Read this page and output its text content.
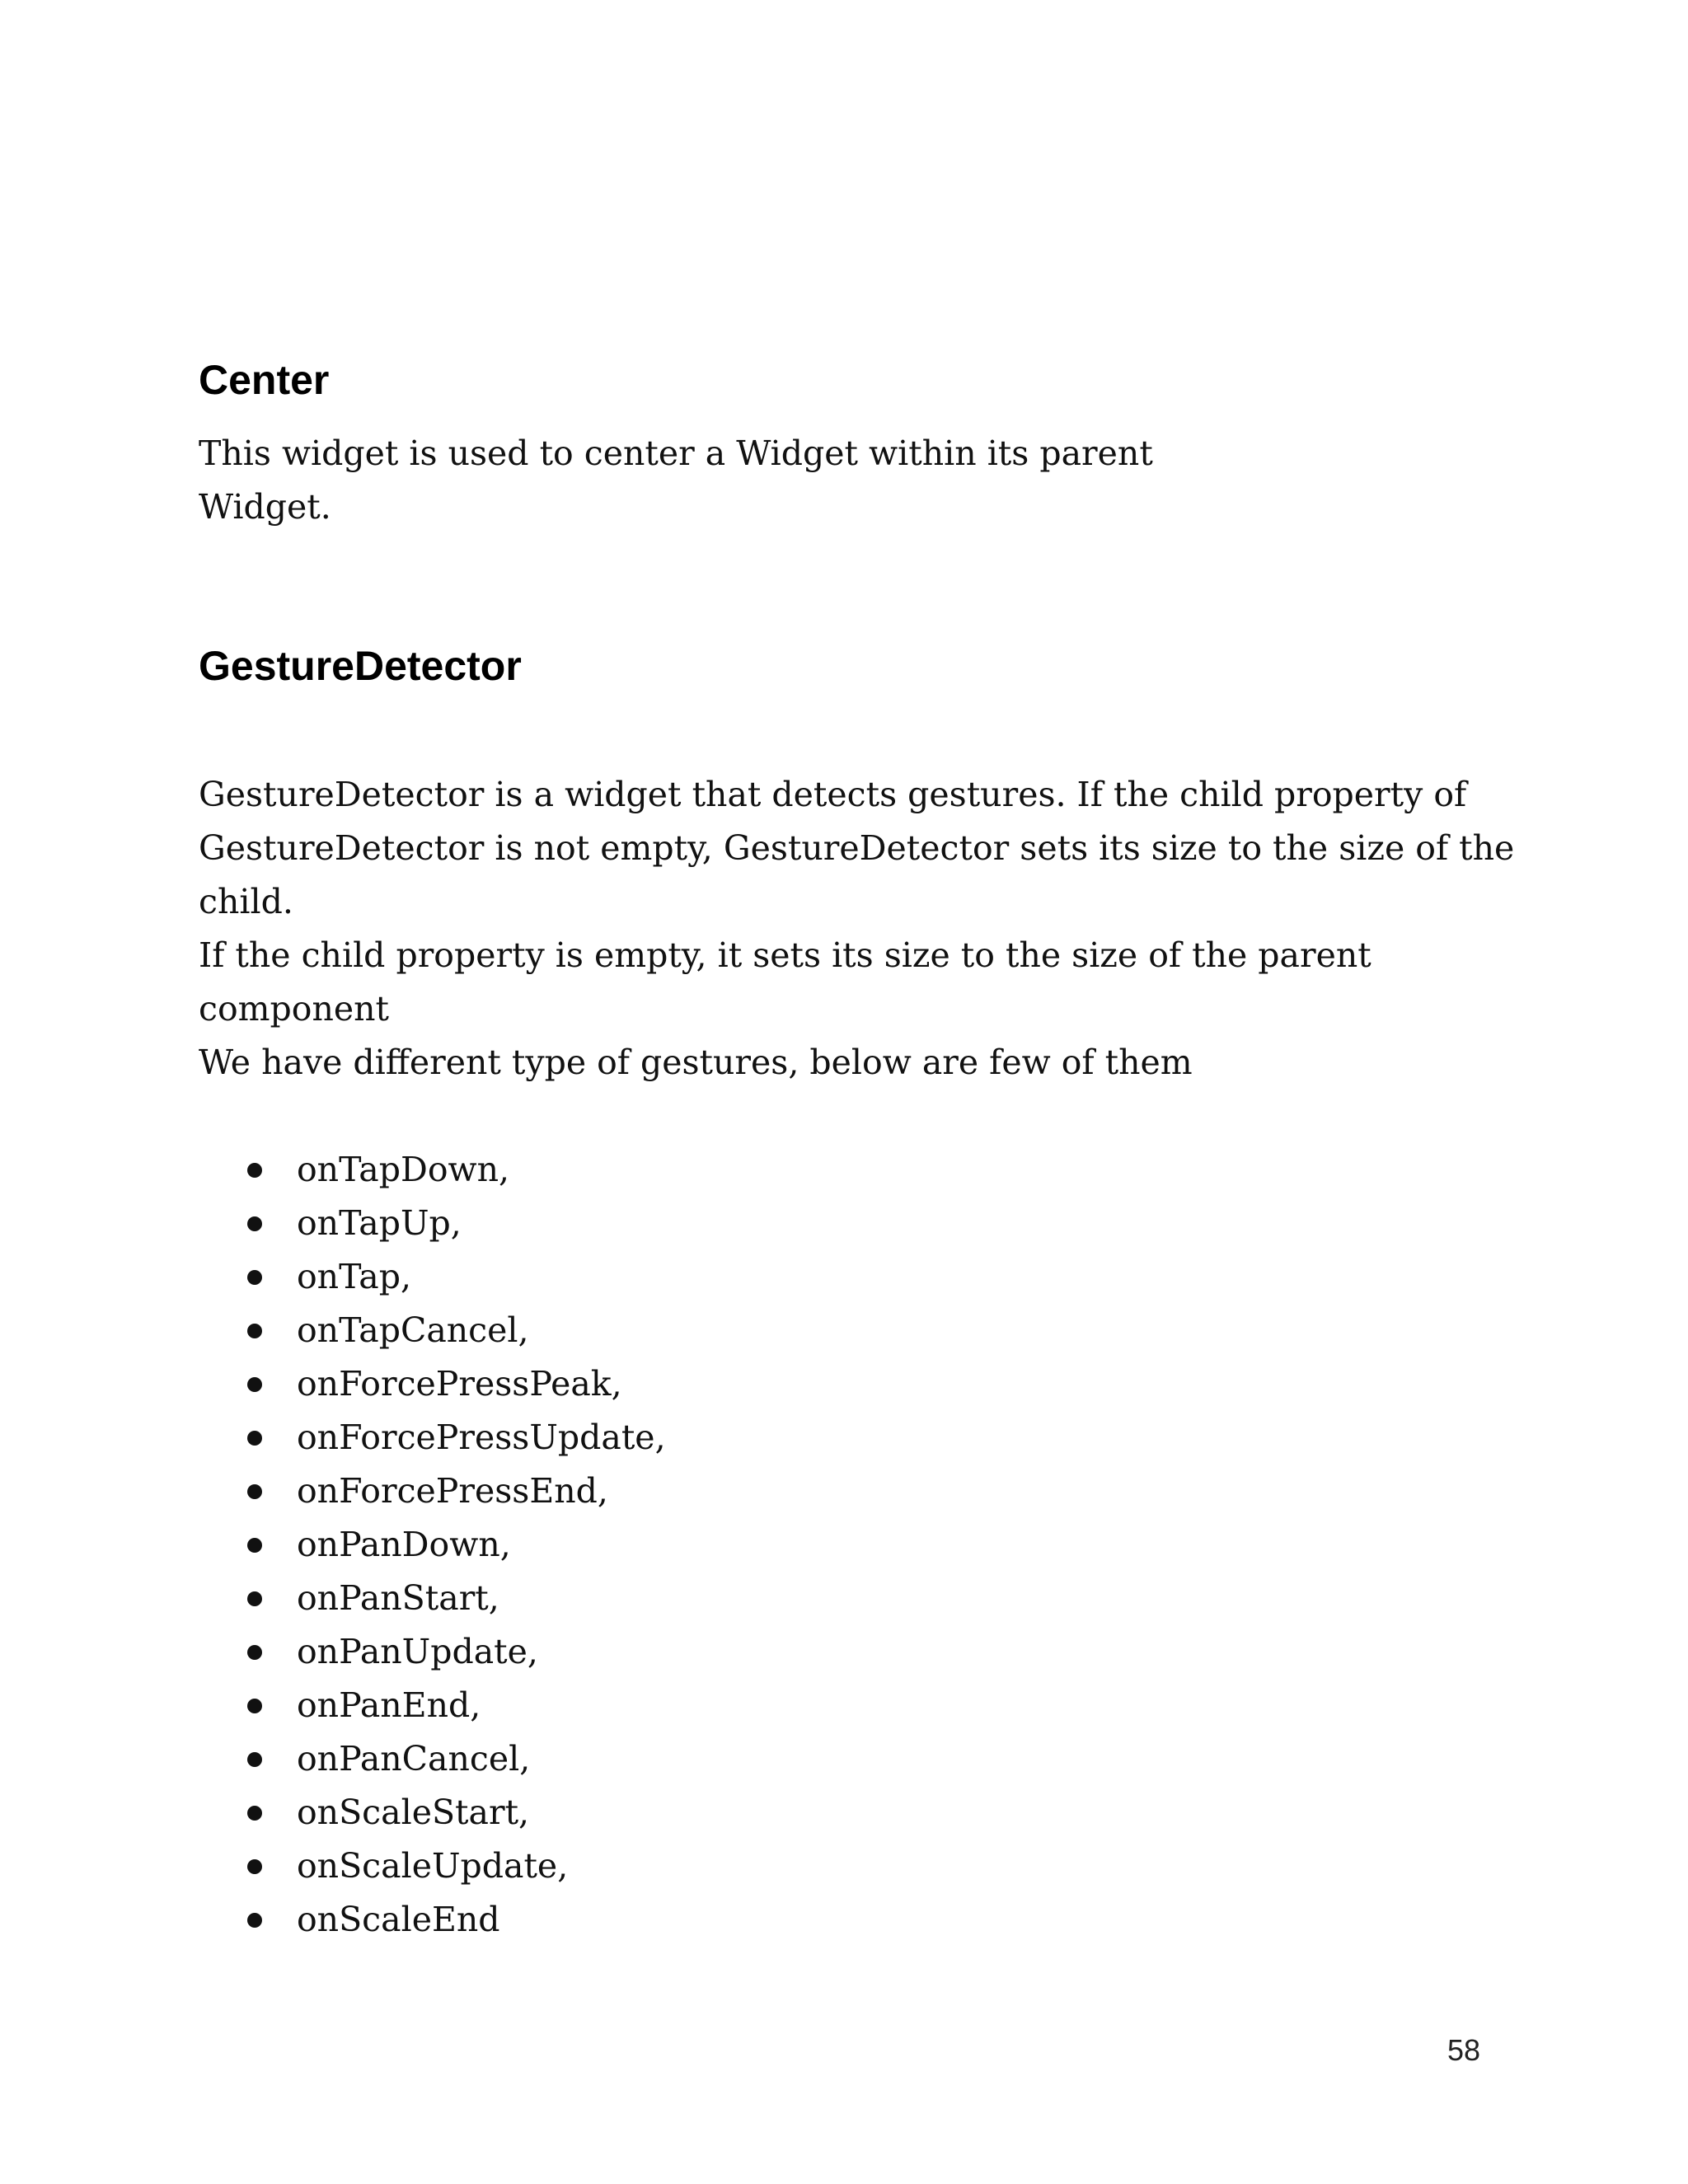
Center

This widget is used to center a Widget within its parent

Widget.

GestureDetector

GestureDetector is a widget that detects gestures. If the child property of

GestureDetector is not empty, GestureDetector sets its size to the size of the

child.

If the child property is empty, it sets its size to the size of the parent

component

We have different type of gestures, below are few of them

onTapDown,
onTapUp,
onTap,
onTapCancel,
onForcePressPeak,
onForcePressUpdate,
onForcePressEnd,
onPanDown,
onPanStart,
onPanUpdate,
onPanEnd,
onPanCancel,
onScaleStart,
onScaleUpdate,
onScaleEnd
58
